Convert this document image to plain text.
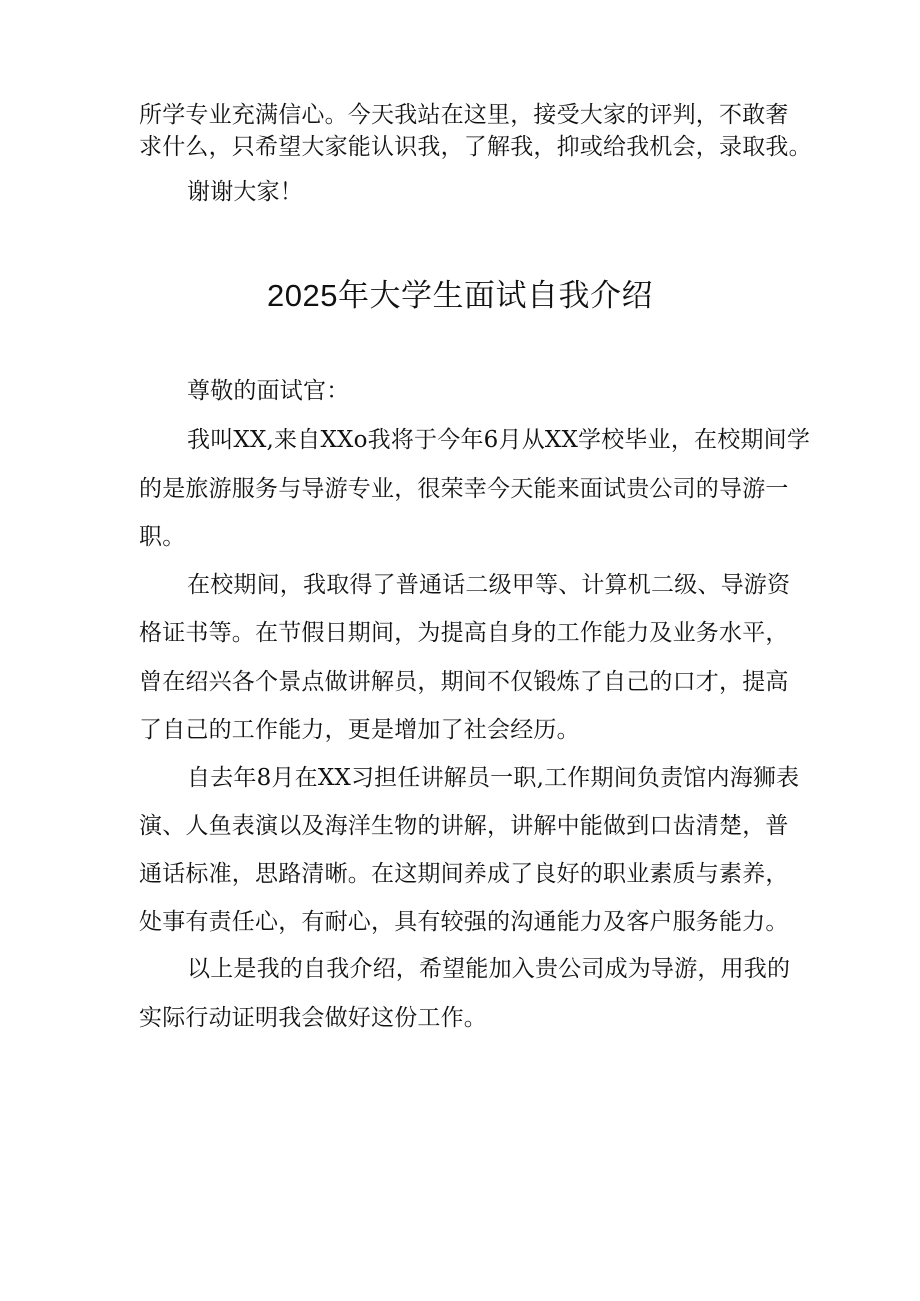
所学专业充满信心。今天我站在这里，接受大家的评判，不敢奢
求什么，只希望大家能认识我，了解我，抑或给我机会，录取我。
谢谢大家！
2025年大学生面试自我介绍
尊敬的面试官：
我叫XX,来自XXo我将于今年6月从XX学校毕业，在校期间学
的是旅游服务与导游专业，很荣幸今天能来面试贵公司的导游一
职。
在校期间，我取得了普通话二级甲等、计算机二级、导游资
格证书等。在节假日期间，为提高自身的工作能力及业务水平，
曾在绍兴各个景点做讲解员，期间不仅锻炼了自己的口才，提高
了自己的工作能力，更是增加了社会经历。
自去年8月在XX习担任讲解员一职,工作期间负责馆内海狮表
演、人鱼表演以及海洋生物的讲解，讲解中能做到口齿清楚，普
通话标准，思路清晰。在这期间养成了良好的职业素质与素养，
处事有责任心，有耐心，具有较强的沟通能力及客户服务能力。
以上是我的自我介绍，希望能加入贵公司成为导游，用我的
实际行动证明我会做好这份工作。
